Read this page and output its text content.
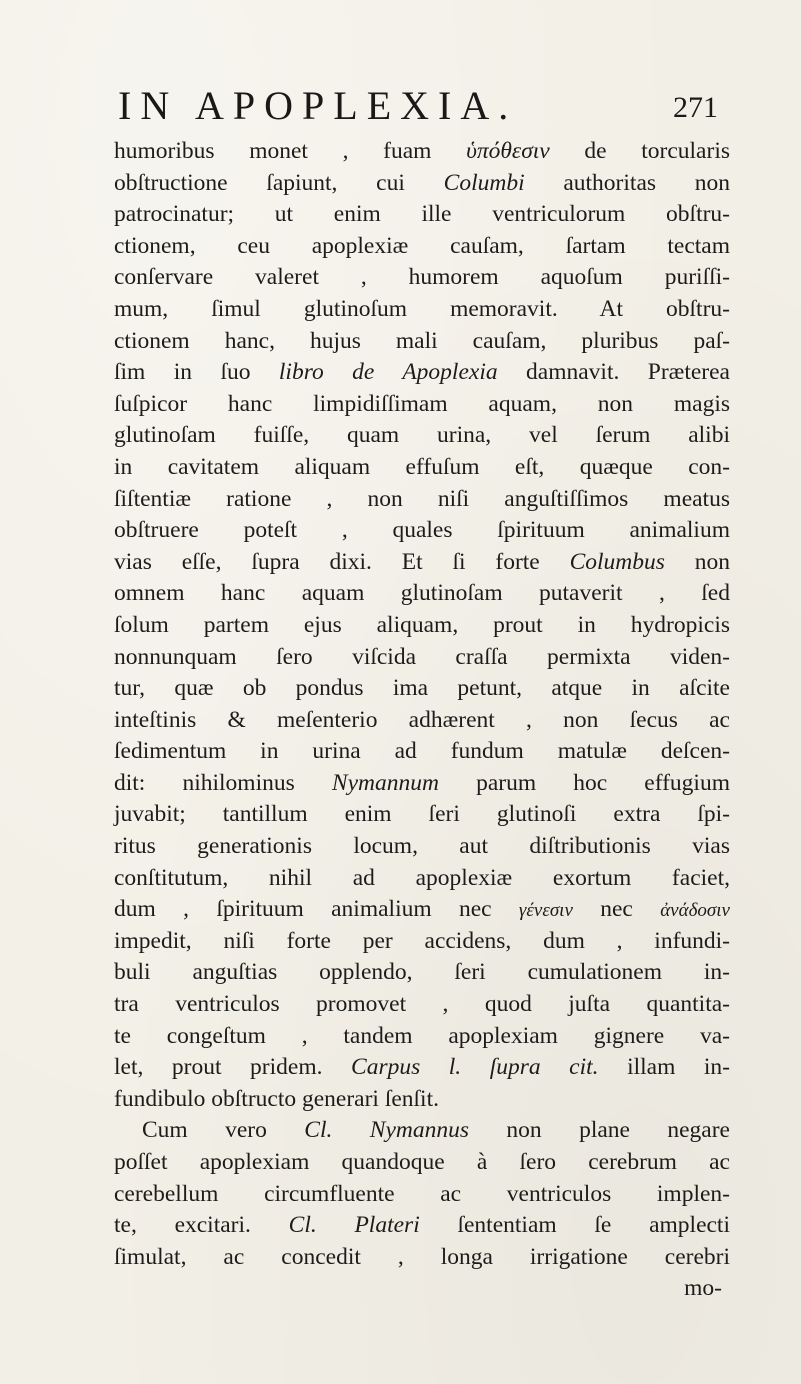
IN APOPLEXIA.	271
humoribus monet , fuam ὑπόθεσιν de torcularis
obſtructione ſapiunt, cui Columbi authoritas non
patrocinatur; ut enim ille ventriculorum obſtru-
ctionem, ceu apoplexiæ cauſam, ſartam tectam
conſervare valeret , humorem aquoſum puriſſi-
mum, ſimul glutinoſum memoravit. At obſtru-
ctionem hanc, hujus mali cauſam, pluribus paſ-
ſim in ſuo libro de Apoplexia damnavit. Præterea
ſuſpicor hanc limpidiſſimam aquam, non magis
glutinoſam fuiſſe, quam urina, vel ſerum alibi
in cavitatem aliquam effuſum eſt, quæque con-
ſiſtentiæ ratione , non niſi anguſtiſſimos meatus
obſtruere poteſt , quales ſpirituum animalium
vias eſſe, ſupra dixi. Et ſi forte Columbus non
omnem hanc aquam glutinoſam putaverit , ſed
ſolum partem ejus aliquam, prout in hydropicis
nonnunquam ſero viſcida craſſa permixta viden-
tur, quæ ob pondus ima petunt, atque in aſcite
inteſtinis & meſenterio adhærent , non ſecus ac
ſedimentum in urina ad fundum matulæ deſcen-
dit: nihilominus Nymannum parum hoc effugium
juvabit; tantillum enim ſeri glutinoſi extra ſpi-
ritus generationis locum, aut diſtributionis vias
conſtitutum, nihil ad apoplexiæ exortum faciet,
dum , ſpirituum animalium nec γένεσιν nec ἀνάδοσιν
impedit, niſi forte per accidens, dum , infundi-
buli anguſtias opplendo, ſeri cumulationem in-
tra ventriculos promovet , quod juſta quantita-
te congeſtum , tandem apoplexiam gignere va-
let, prout pridem. Carpus l. ſupra cit. illam in-
fundibulo obſtructo generari ſenſit.
Cum vero Cl. Nymannus non plane negare
poſſet apoplexiam quandoque à ſero cerebrum ac
cerebellum circumfluente ac ventriculos implen-
te, excitari. Cl. Plateri ſententiam ſe amplecti
ſimulat, ac concedit , longa irrigatione cerebri
mo-
